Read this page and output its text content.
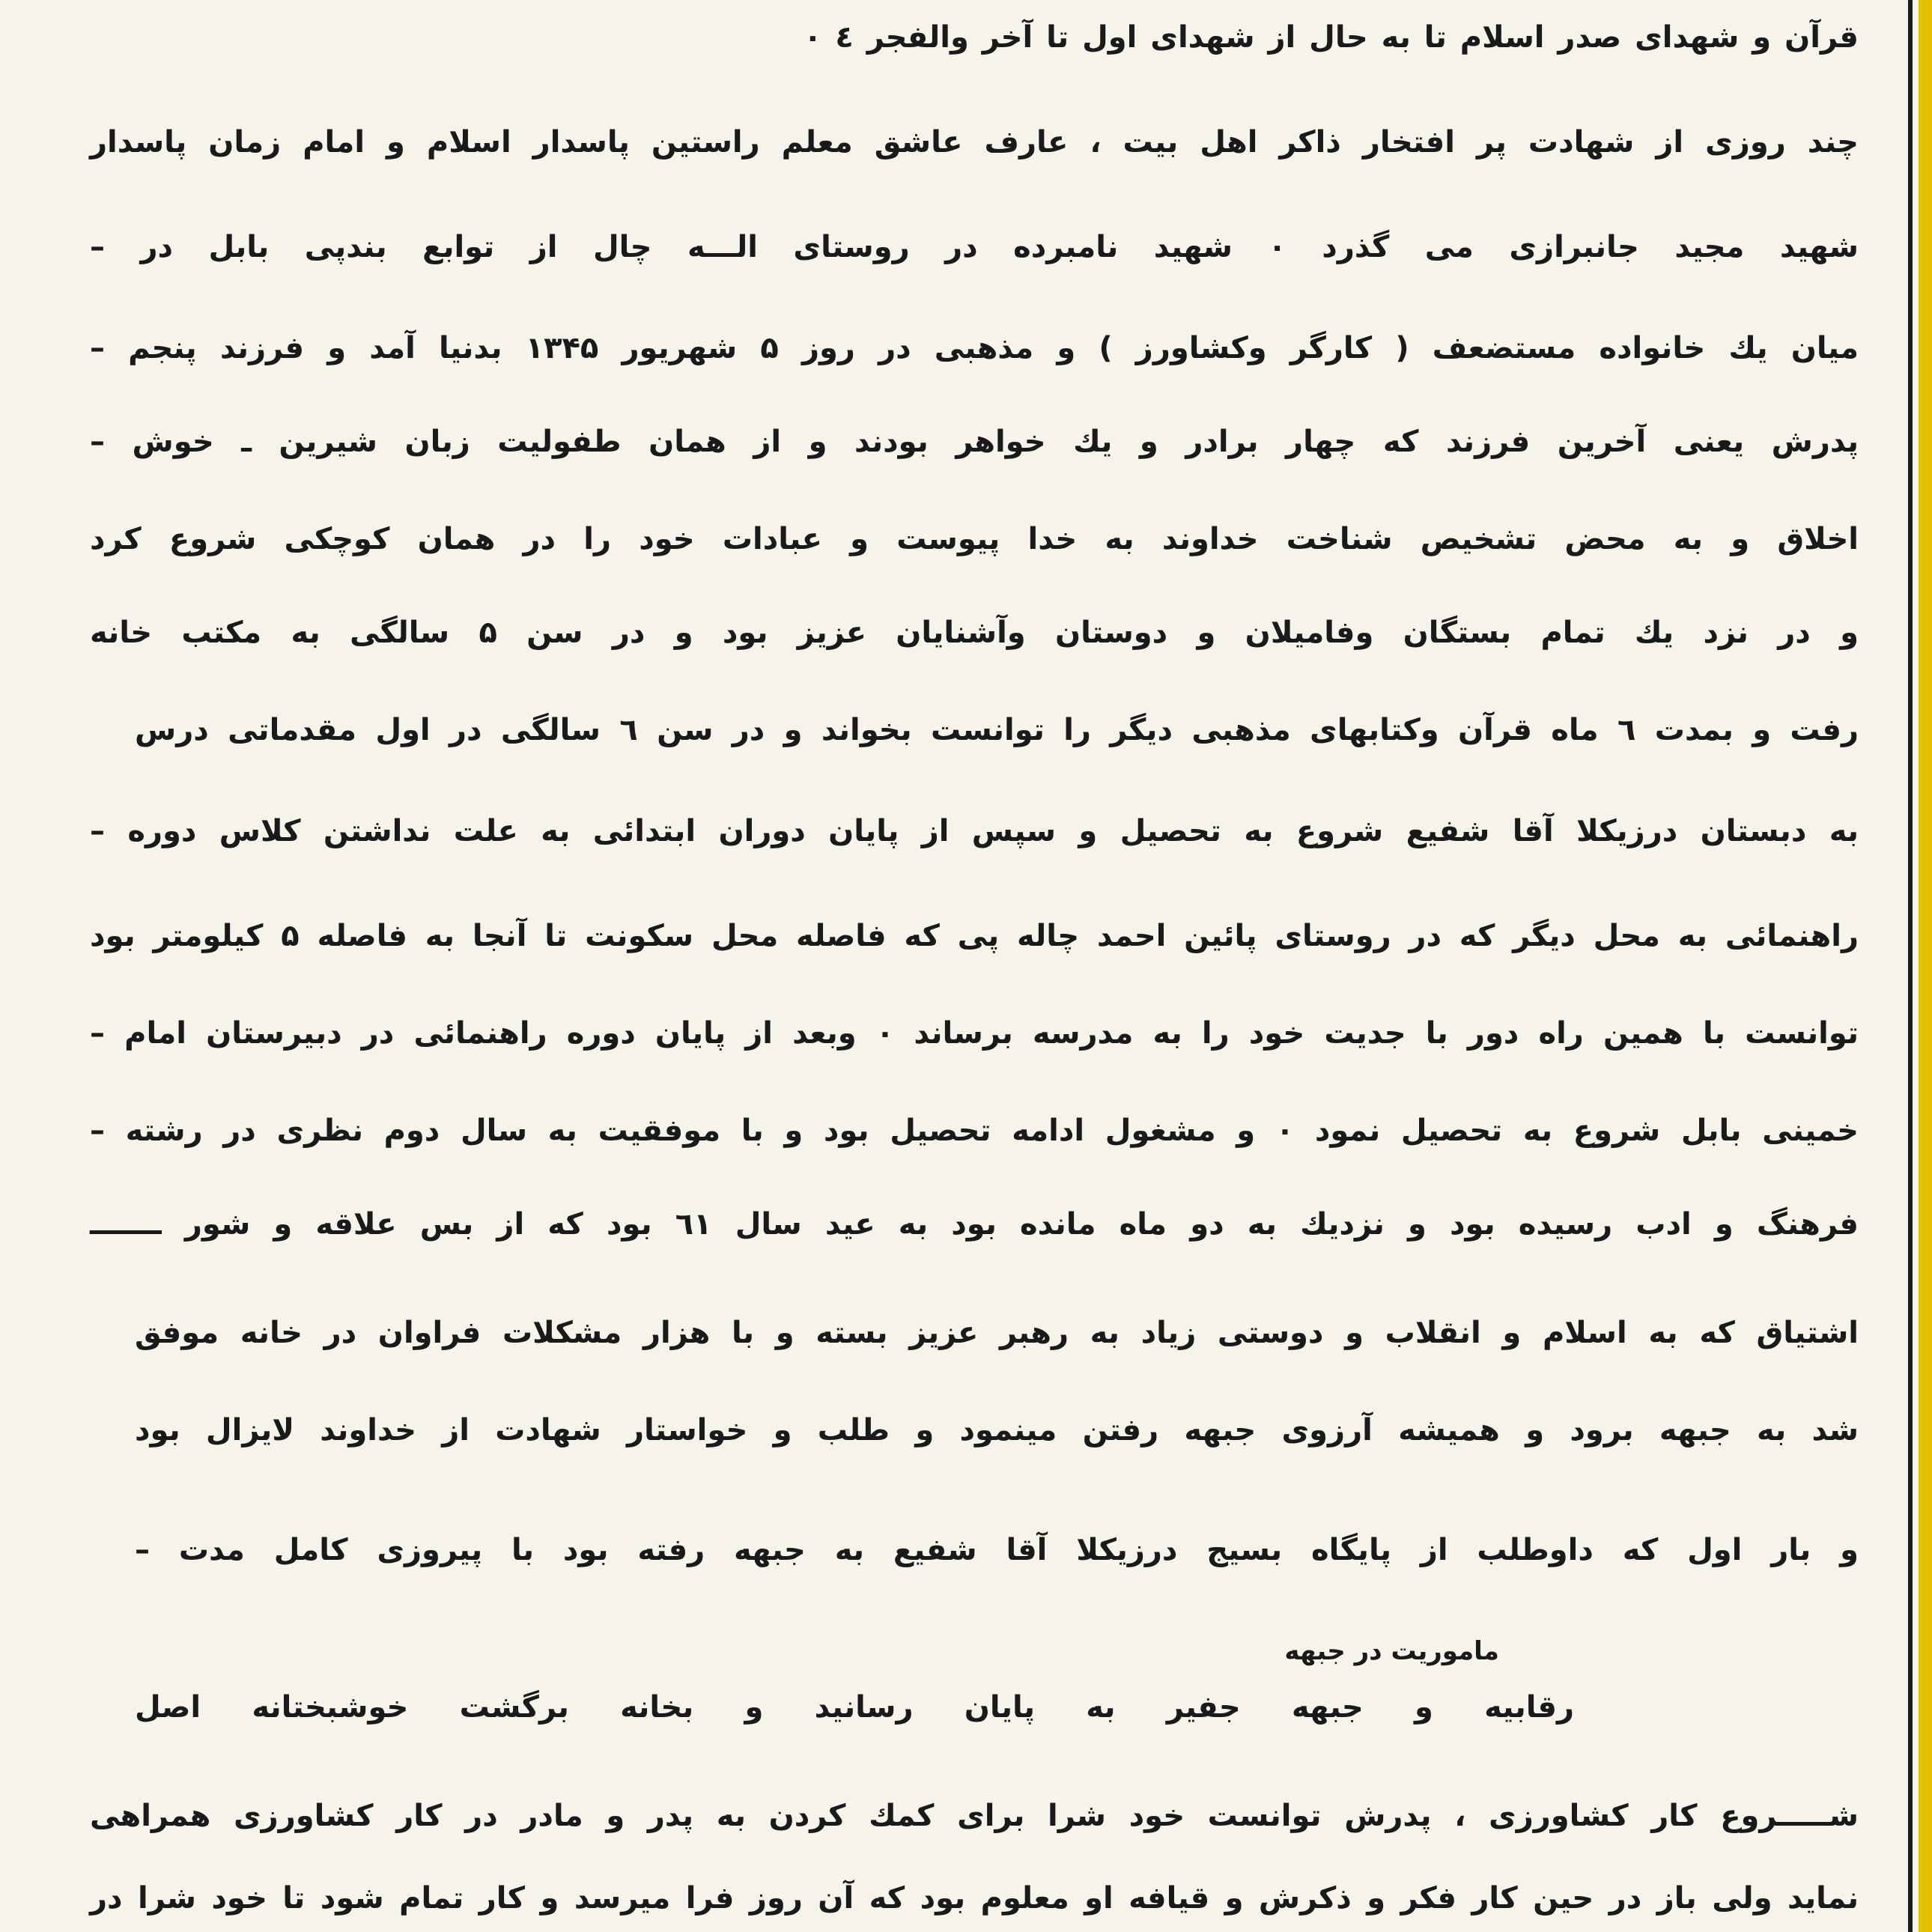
قرآن و شهدای صدر اسلام تا به حال از شهدای اول تا آخر والفجر ٤ ۰
چند روزی از شهادت پر افتخار ذاکر اهل بیت ، عارف عاشق معلم راستین پاسدار اسلام و امام زمان پاسدار
شهید مجید جانبرازی می گذرد ۰ شهید نامبرده در روستای الـــه چال از توابع بندپی بابل در –
میان یك خانواده مستضعف ( کارگر وکشاورز ) و مذهبی در روز ۵ شهریور ۱۳۴۵ بدنیا آمد و فرزند پنجم –
پدرش یعنی آخرین فرزند که چهار برادر و یك خواهر بودند و از همان طفولیت زبان شیرین ـ خوش –
اخلاق و به محض تشخیص شناخت خداوند به خدا پیوست و عبادات خود را در همان کوچکی شروع کرد
و در نزد یك تمام بستگان وفامیلان و دوستان وآشنایان عزیز بود و در سن ۵ سالگی به مکتب خانه
رفت و بمدت ٦ ماه قرآن وکتابهای مذهبی دیگر را توانست بخواند و در سن ٦ سالگی در اول مقدماتی درس
به دبستان درزیکلا آقا شفیع شروع به تحصیل و سپس از پایان دوران ابتدائی به علت نداشتن کلاس دوره –
راهنمائی به محل دیگر که در روستای پائین احمد چاله پی که فاصله محل سکونت تا آنجا به فاصله ۵ کیلومتر بود
توانست با همین راه دور با جدیت خود را به مدرسه برساند ۰ وبعد از پایان دوره راهنمائی در دبیرستان امام –
خمینی بابل شروع به تحصیل نمود ۰ و مشغول ادامه تحصیل بود و با موفقیت به سال دوم نظری در رشته –
فرهنگ و ادب رسیده بود و نزدیك به دو ماه مانده بود به عید سال ٦١ بود که از بس علاقه و شور ـــــــ
اشتیاق که به اسلام و انقلاب و دوستی زیاد به رهبر عزیز بسته و با هزار مشکلات فراوان در خانه موفق
شد به جبهه برود و همیشه آرزوی جبهه رفتن مینمود و طلب و خواستار شهادت از خداوند لایزال بود
و بار اول که داوطلب از پایگاه بسیج درزیکلا آقا شفیع به جبهه رفته بود با پیروزی کامل مدت –
ماموریت در جبهه
رقابیه و جبهه جفیر به پایان رسانید و بخانه برگشت خوشبختانه اصل
شـــــروع کار کشاورزی ، پدرش توانست خود شرا برای کمك کردن به پدر و مادر در کار کشاورزی همراهی
نماید ولی باز در حین کار فکر و ذکرش و قیافه او معلوم بود که آن روز فرا میرسد و کار تمام شود تا خود شرا در
